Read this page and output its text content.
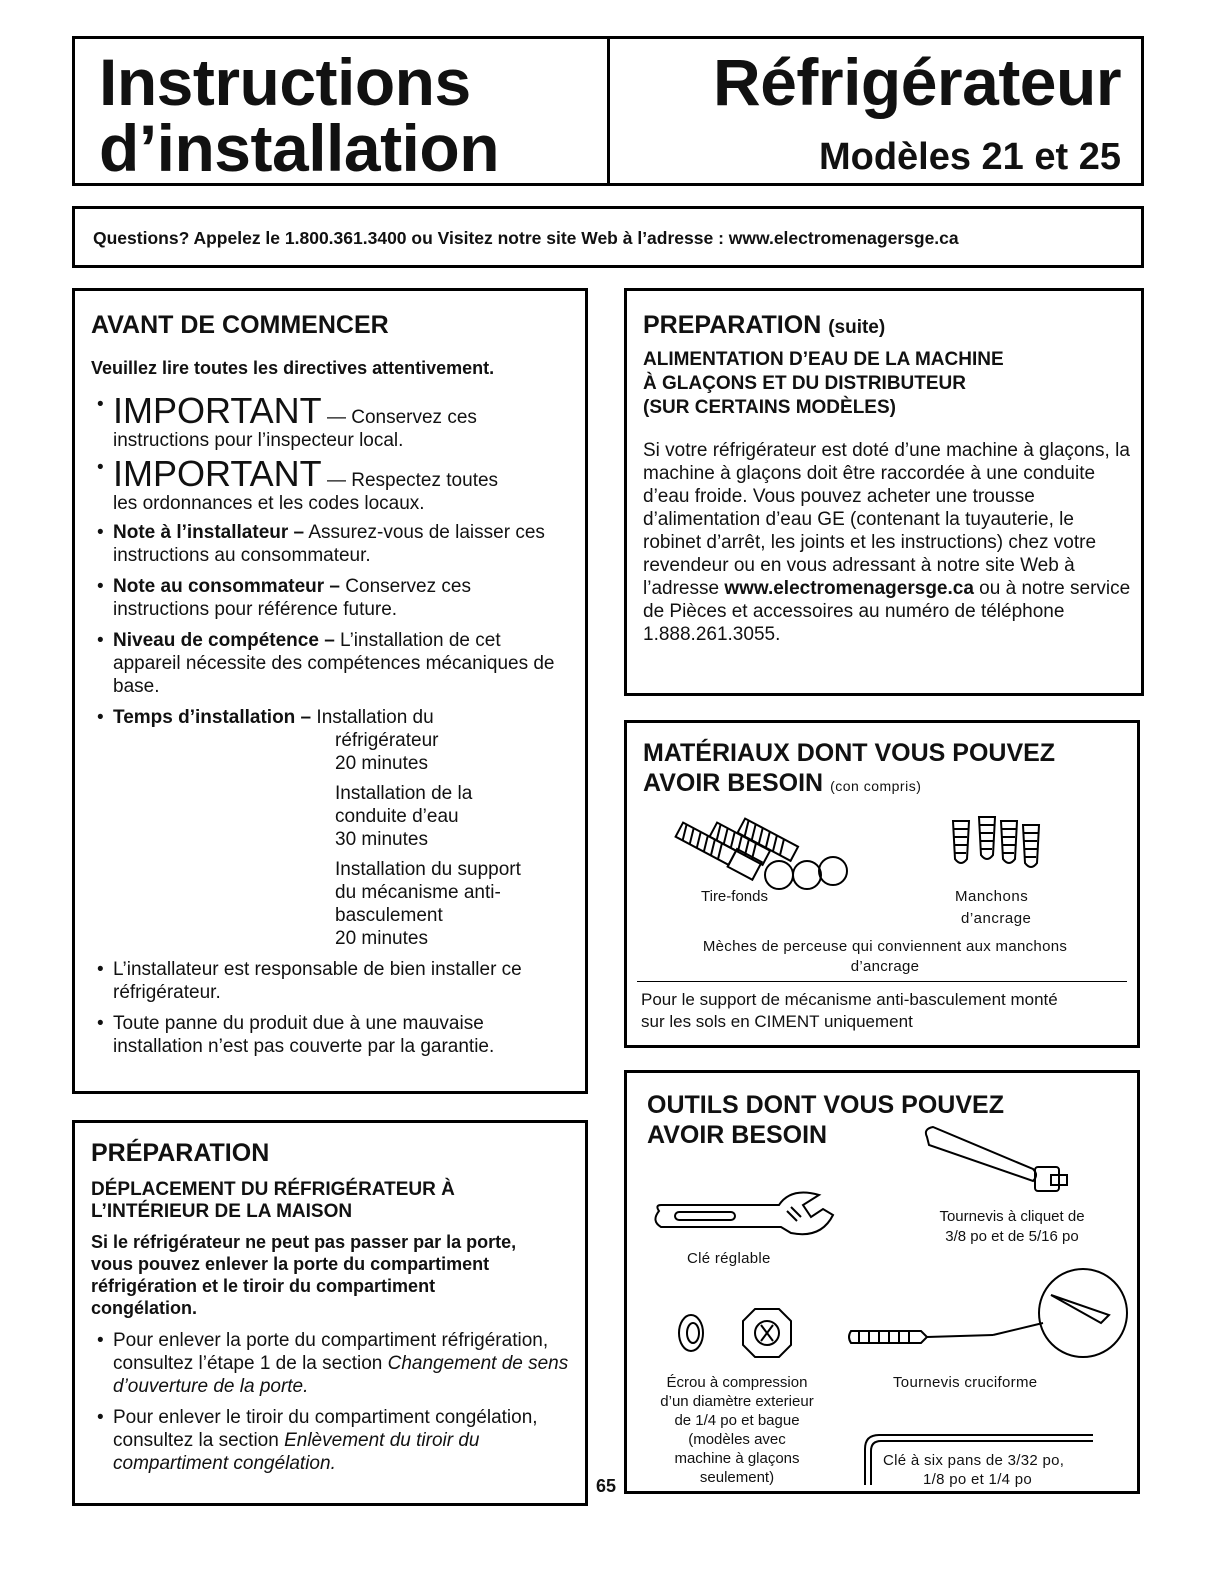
Instructions
d’installation
Réfrigérateur
Modèles 21 et 25
Questions? Appelez le 1.800.361.3400 ou Visitez notre site Web à l’adresse : www.electromenagersge.ca
AVANT DE COMMENCER
Veuillez lire toutes les directives attentivement.
• IMPORTANT — Conservez ces
instructions pour l’inspecteur local.
• IMPORTANT — Respectez toutes
les ordonnances et les codes locaux.
• Note à l’installateur – Assurez-vous de laisser ces instructions au consommateur.
• Note au consommateur – Conservez ces instructions pour référence future.
• Niveau de compétence – L’installation de cet appareil nécessite des compétences mécaniques de base.
• Temps d’installation – Installation du
réfrigérateur
20 minutes
Installation de la
conduite d’eau
30 minutes
Installation du support
du mécanisme anti-
basculement
20 minutes
• L’installateur est responsable de bien installer ce réfrigérateur.
• Toute panne du produit due à une mauvaise installation n’est pas couverte par la garantie.
PRÉPARATION
DÉPLACEMENT DU RÉFRIGÉRATEUR À
L’INTÉRIEUR DE LA MAISON
Si le réfrigérateur ne peut pas passer par la porte, vous pouvez enlever la porte du compartiment réfrigération et le tiroir du compartiment congélation.
• Pour enlever la porte du compartiment réfrigération, consultez l’étape 1 de la section Changement de sens d’ouverture de la porte.
• Pour enlever le tiroir du compartiment congélation, consultez la section Enlèvement du tiroir du compartiment congélation.
PREPARATION (suite)
ALIMENTATION D’EAU DE LA MACHINE
À GLAÇONS ET DU DISTRIBUTEUR
(SUR CERTAINS MODÈLES)
Si votre réfrigérateur est doté d’une machine à glaçons, la machine à glaçons doit être raccordée à une conduite d’eau froide. Vous pouvez acheter une trousse d’alimentation d’eau GE (contenant la tuyauterie, le robinet d’arrêt, les joints et les instructions) chez votre revendeur ou en vous adressant à notre site Web à l’adresse www.electromenagersge.ca ou à notre service de Pièces et accessoires au numéro de téléphone 1.888.261.3055.
MATÉRIAUX DONT VOUS POUVEZ
AVOIR BESOIN (con compris)
Tire-fonds	Manchons
d’ancrage
Mèches de perceuse qui conviennent aux manchons
d’ancrage
Pour le support de mécanisme anti-basculement monté
sur les sols en CIMENT uniquement
OUTILS DONT VOUS POUVEZ
AVOIR BESOIN
Tournevis à cliquet de
3/8 po et de 5/16 po
Clé réglable
Écrou à compression
d’un diamètre exterieur
de 1/4 po et bague
(modèles avec
machine à glaçons
seulement)
Tournevis cruciforme
Clé à six pans de 3/32 po,
1/8 po et 1/4 po
65
